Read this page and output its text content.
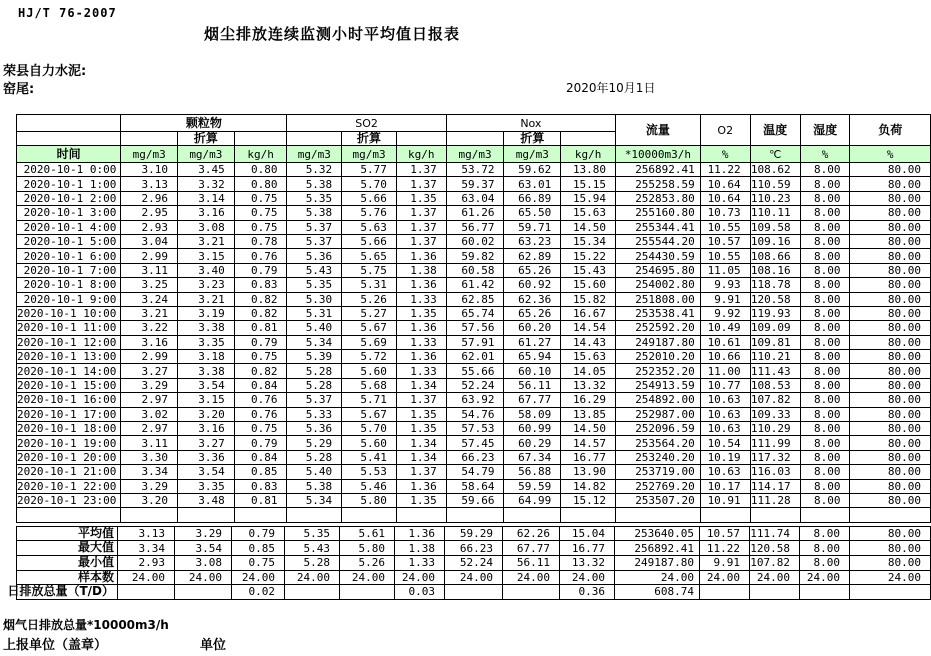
HJ/T 76-2007
烟尘排放连续监测小时平均值日报表
荣县自力水泥:
窑尾:	2020年10月1日
	颗粒物			SO2			Nox			流量	O2	温度	湿度	负荷
		折算			折算			折算						
时间	mg/m3	mg/m3	kg/h	mg/m3	mg/m3	kg/h	mg/m3	mg/m3	kg/h	*10000m3/h	%	℃	%	%
2020-10-1 0:00	3.10	3.45	0.80	5.32	5.77	1.37	53.72	59.62	13.80	256892.41	11.22	108.62	8.00	80.00
2020-10-1 1:00	3.13	3.32	0.80	5.38	5.70	1.37	59.37	63.01	15.15	255258.59	10.64	110.59	8.00	80.00
2020-10-1 2:00	2.96	3.14	0.75	5.35	5.66	1.35	63.04	66.89	15.94	252853.80	10.64	110.23	8.00	80.00
2020-10-1 3:00	2.95	3.16	0.75	5.38	5.76	1.37	61.26	65.50	15.63	255160.80	10.73	110.11	8.00	80.00
2020-10-1 4:00	2.93	3.08	0.75	5.37	5.63	1.37	56.77	59.71	14.50	255344.41	10.55	109.58	8.00	80.00
2020-10-1 5:00	3.04	3.21	0.78	5.37	5.66	1.37	60.02	63.23	15.34	255544.20	10.57	109.16	8.00	80.00
2020-10-1 6:00	2.99	3.15	0.76	5.36	5.65	1.36	59.82	62.89	15.22	254430.59	10.55	108.66	8.00	80.00
2020-10-1 7:00	3.11	3.40	0.79	5.43	5.75	1.38	60.58	65.26	15.43	254695.80	11.05	108.16	8.00	80.00
2020-10-1 8:00	3.25	3.23	0.83	5.35	5.31	1.36	61.42	60.92	15.60	254002.80	9.93	118.78	8.00	80.00
2020-10-1 9:00	3.24	3.21	0.82	5.30	5.26	1.33	62.85	62.36	15.82	251808.00	9.91	120.58	8.00	80.00
2020-10-1 10:00	3.21	3.19	0.82	5.31	5.27	1.35	65.74	65.26	16.67	253538.41	9.92	119.93	8.00	80.00
2020-10-1 11:00	3.22	3.38	0.81	5.40	5.67	1.36	57.56	60.20	14.54	252592.20	10.49	109.09	8.00	80.00
2020-10-1 12:00	3.16	3.35	0.79	5.34	5.69	1.33	57.91	61.27	14.43	249187.80	10.61	109.81	8.00	80.00
2020-10-1 13:00	2.99	3.18	0.75	5.39	5.72	1.36	62.01	65.94	15.63	252010.20	10.66	110.21	8.00	80.00
2020-10-1 14:00	3.27	3.38	0.82	5.28	5.60	1.33	55.66	60.10	14.05	252352.20	11.00	111.43	8.00	80.00
2020-10-1 15:00	3.29	3.54	0.84	5.28	5.68	1.34	52.24	56.11	13.32	254913.59	10.77	108.53	8.00	80.00
2020-10-1 16:00	2.97	3.15	0.76	5.37	5.71	1.37	63.92	67.77	16.29	254892.00	10.63	107.82	8.00	80.00
2020-10-1 17:00	3.02	3.20	0.76	5.33	5.67	1.35	54.76	58.09	13.85	252987.00	10.63	109.33	8.00	80.00
2020-10-1 18:00	2.97	3.16	0.75	5.36	5.70	1.35	57.53	60.99	14.50	252096.59	10.63	110.29	8.00	80.00
2020-10-1 19:00	3.11	3.27	0.79	5.29	5.60	1.34	57.45	60.29	14.57	253564.20	10.54	111.99	8.00	80.00
2020-10-1 20:00	3.30	3.36	0.84	5.28	5.41	1.34	66.23	67.34	16.77	253240.20	10.19	117.32	8.00	80.00
2020-10-1 21:00	3.34	3.54	0.85	5.40	5.53	1.37	54.79	56.88	13.90	253719.00	10.63	116.03	8.00	80.00
2020-10-1 22:00	3.29	3.35	0.83	5.38	5.46	1.36	58.64	59.59	14.82	252769.20	10.17	114.17	8.00	80.00
2020-10-1 23:00	3.20	3.48	0.81	5.34	5.80	1.35	59.66	64.99	15.12	253507.20	10.91	111.28	8.00	80.00

平均值	3.13	3.29	0.79	5.35	5.61	1.36	59.29	62.26	15.04	253640.05	10.57	111.74	8.00	80.00

最大值	3.34	3.54	0.85	5.43	5.80	1.38	66.23	67.77	16.77	256892.41	11.22	120.58	8.00	80.00

最小值	2.93	3.08	0.75	5.28	5.26	1.33	52.24	56.11	13.32	249187.80	9.91	107.82	8.00	80.00

样本数	24.00	24.00	24.00	24.00	24.00	24.00	24.00	24.00	24.00	24.00	24.00	24.00	24.00	24.00

日排放总量（T/D）			0.02			0.03			0.36	608.74				
烟气日排放总量*10000m3/h
上报单位（盖章）	单位
